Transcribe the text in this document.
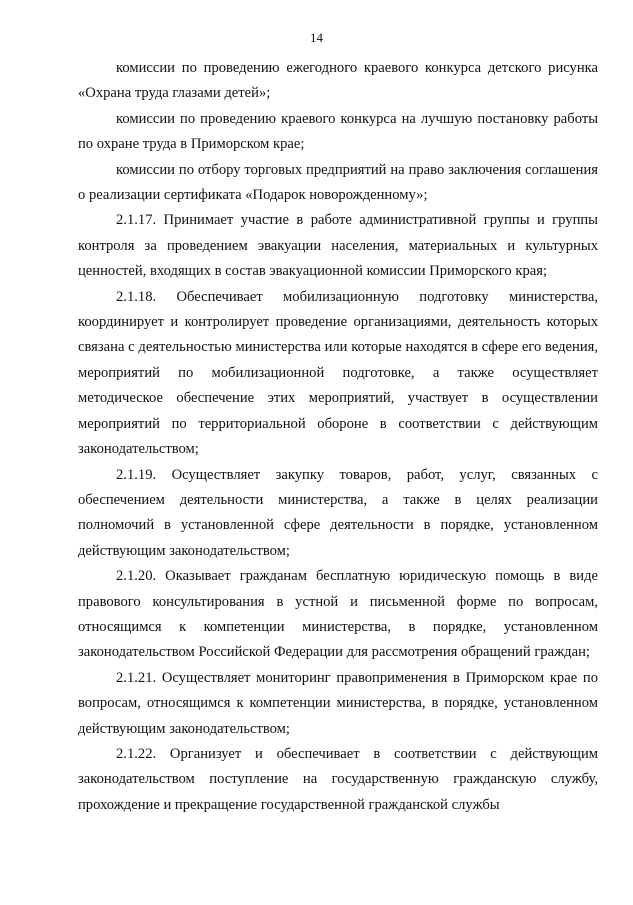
14

комиссии по проведению ежегодного краевого конкурса детского рисунка «Охрана труда глазами детей»;

комиссии по проведению краевого конкурса на лучшую постановку работы по охране труда в Приморском крае;

комиссии по отбору торговых предприятий на право заключения соглашения о реализации сертификата «Подарок новорожденному»;

2.1.17. Принимает участие в работе административной группы и группы контроля за проведением эвакуации населения, материальных и культурных ценностей, входящих в состав эвакуационной комиссии Приморского края;

2.1.18. Обеспечивает мобилизационную подготовку министерства, координирует и контролирует проведение организациями, деятельность которых связана с деятельностью министерства или которые находятся в сфере его ведения, мероприятий по мобилизационной подготовке, а также осуществляет методическое обеспечение этих мероприятий, участвует в осуществлении мероприятий по территориальной обороне в соответствии с действующим законодательством;

2.1.19. Осуществляет закупку товаров, работ, услуг, связанных с обеспечением деятельности министерства, а также в целях реализации полномочий в установленной сфере деятельности в порядке, установленном действующим законодательством;

2.1.20. Оказывает гражданам бесплатную юридическую помощь в виде правового консультирования в устной и письменной форме по вопросам, относящимся к компетенции министерства, в порядке, установленном законодательством Российской Федерации для рассмотрения обращений граждан;

2.1.21. Осуществляет мониторинг правоприменения в Приморском крае по вопросам, относящимся к компетенции министерства, в порядке, установленном действующим законодательством;

2.1.22. Организует и обеспечивает в соответствии с действующим законодательством поступление на государственную гражданскую службу, прохождение и прекращение государственной гражданской службы
